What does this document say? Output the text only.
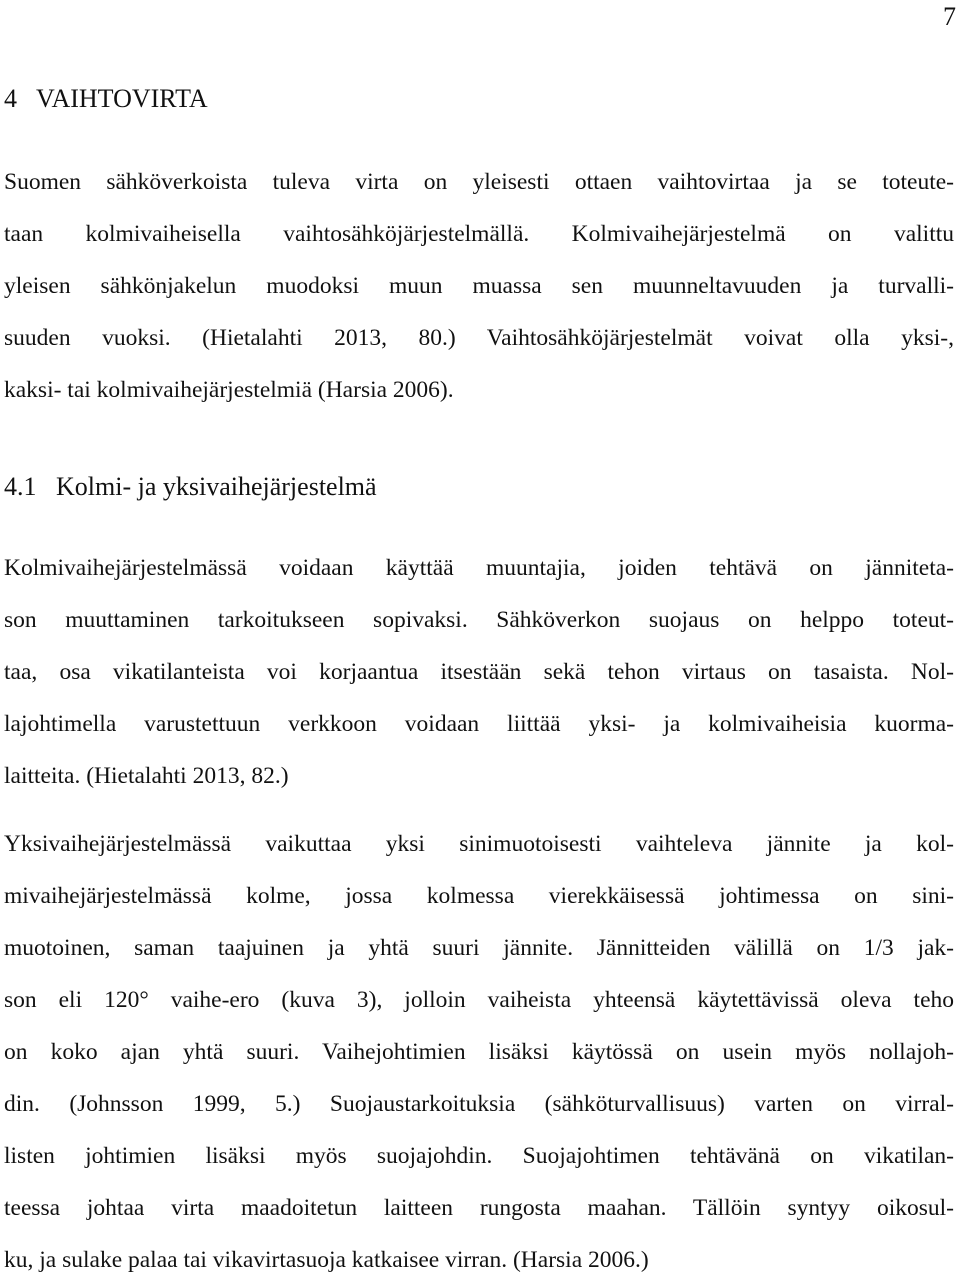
7
4   VAIHTOVIRTA
Suomen sähköverkoista tuleva virta on yleisesti ottaen vaihtovirtaa ja se toteute-
taan kolmivaiheisella vaihtosähköjärjestelmällä. Kolmivaihejärjestelmä on valittu
yleisen sähkönjakelun muodoksi muun muassa sen muunneltavuuden ja turvalli-
suuden vuoksi. (Hietalahti 2013, 80.) Vaihtosähköjärjestelmät voivat olla yksi-,
kaksi- tai kolmivaihejärjestelmiä (Harsia 2006).
4.1   Kolmi- ja yksivaihejärjestelmä
Kolmivaihejärjestelmässä voidaan käyttää muuntajia, joiden tehtävä on jänniteta-
son muuttaminen tarkoitukseen sopivaksi. Sähköverkon suojaus on helppo toteut-
taa, osa vikatilanteista voi korjaantua itsestään sekä tehon virtaus on tasaista. Nol-
lajohtimella varustettuun verkkoon voidaan liittää yksi- ja kolmivaiheisia kuorma-
laitteita. (Hietalahti 2013, 82.)
Yksivaihejärjestelmässä vaikuttaa yksi sinimuotoisesti vaihteleva jännite ja kol-
mivaihejärjestelmässä kolme, jossa kolmessa vierekkäisessä johtimessa on sini-
muotoinen, saman taajuinen ja yhtä suuri jännite. Jännitteiden välillä on 1/3 jak-
son eli 120° vaihe-ero (kuva 3), jolloin vaiheista yhteensä käytettävissä oleva teho
on koko ajan yhtä suuri. Vaihejohtimien lisäksi käytössä on usein myös nollajoh-
din. (Johnsson 1999, 5.) Suojaustarkoituksia (sähköturvallisuus) varten on virral-
listen johtimien lisäksi myös suojajohdin. Suojajohtimen tehtävänä on vikatilan-
teessa johtaa virta maadoitetun laitteen rungosta maahan. Tällöin syntyy oikosul-
ku, ja sulake palaa tai vikavirtasuoja katkaisee virran. (Harsia 2006.)
